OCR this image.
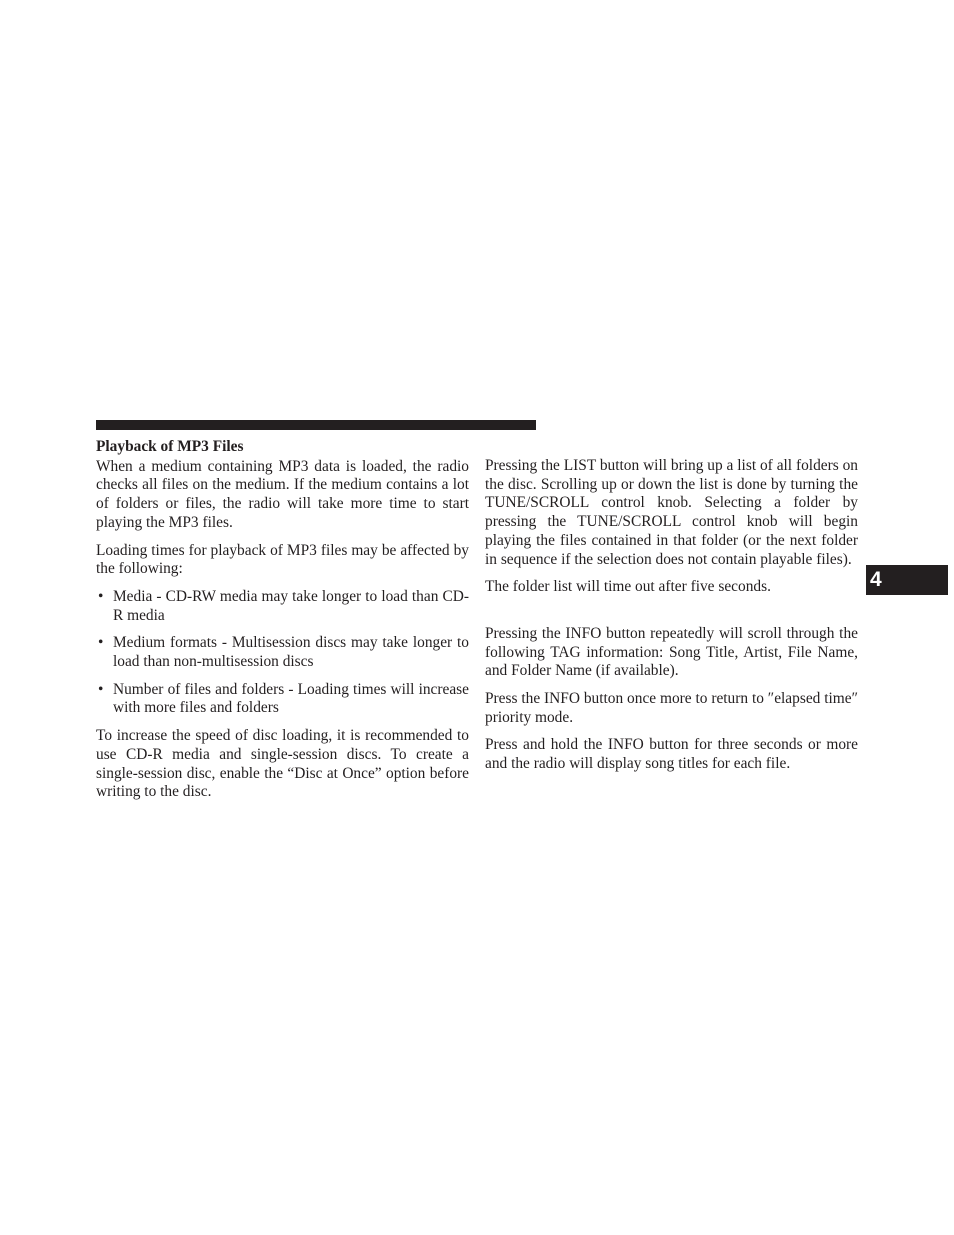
Playback of MP3 Files

When a medium containing MP3 data is loaded, the radio checks all files on the medium. If the medium contains a lot of folders or files, the radio will take more time to start playing the MP3 files.

Loading times for playback of MP3 files may be affected by the following:

• Media - CD-RW media may take longer to load than CD-R media
• Medium formats - Multisession discs may take longer to load than non-multisession discs
• Number of files and folders - Loading times will increase with more files and folders

To increase the speed of disc loading, it is recommended to use CD-R media and single-session discs. To create a single-session disc, enable the “Disc at Once” option before writing to the disc.

Pressing the LIST button will bring up a list of all folders on the disc. Scrolling up or down the list is done by turning the TUNE/SCROLL control knob. Selecting a folder by pressing the TUNE/SCROLL control knob will begin playing the files contained in that folder (or the next folder in sequence if the selection does not contain playable files).

The folder list will time out after five seconds.

Pressing the INFO button repeatedly will scroll through the following TAG information: Song Title, Artist, File Name, and Folder Name (if available).

Press the INFO button once more to return to ″elapsed time″ priority mode.

Press and hold the INFO button for three seconds or more and the radio will display song titles for each file.

4
